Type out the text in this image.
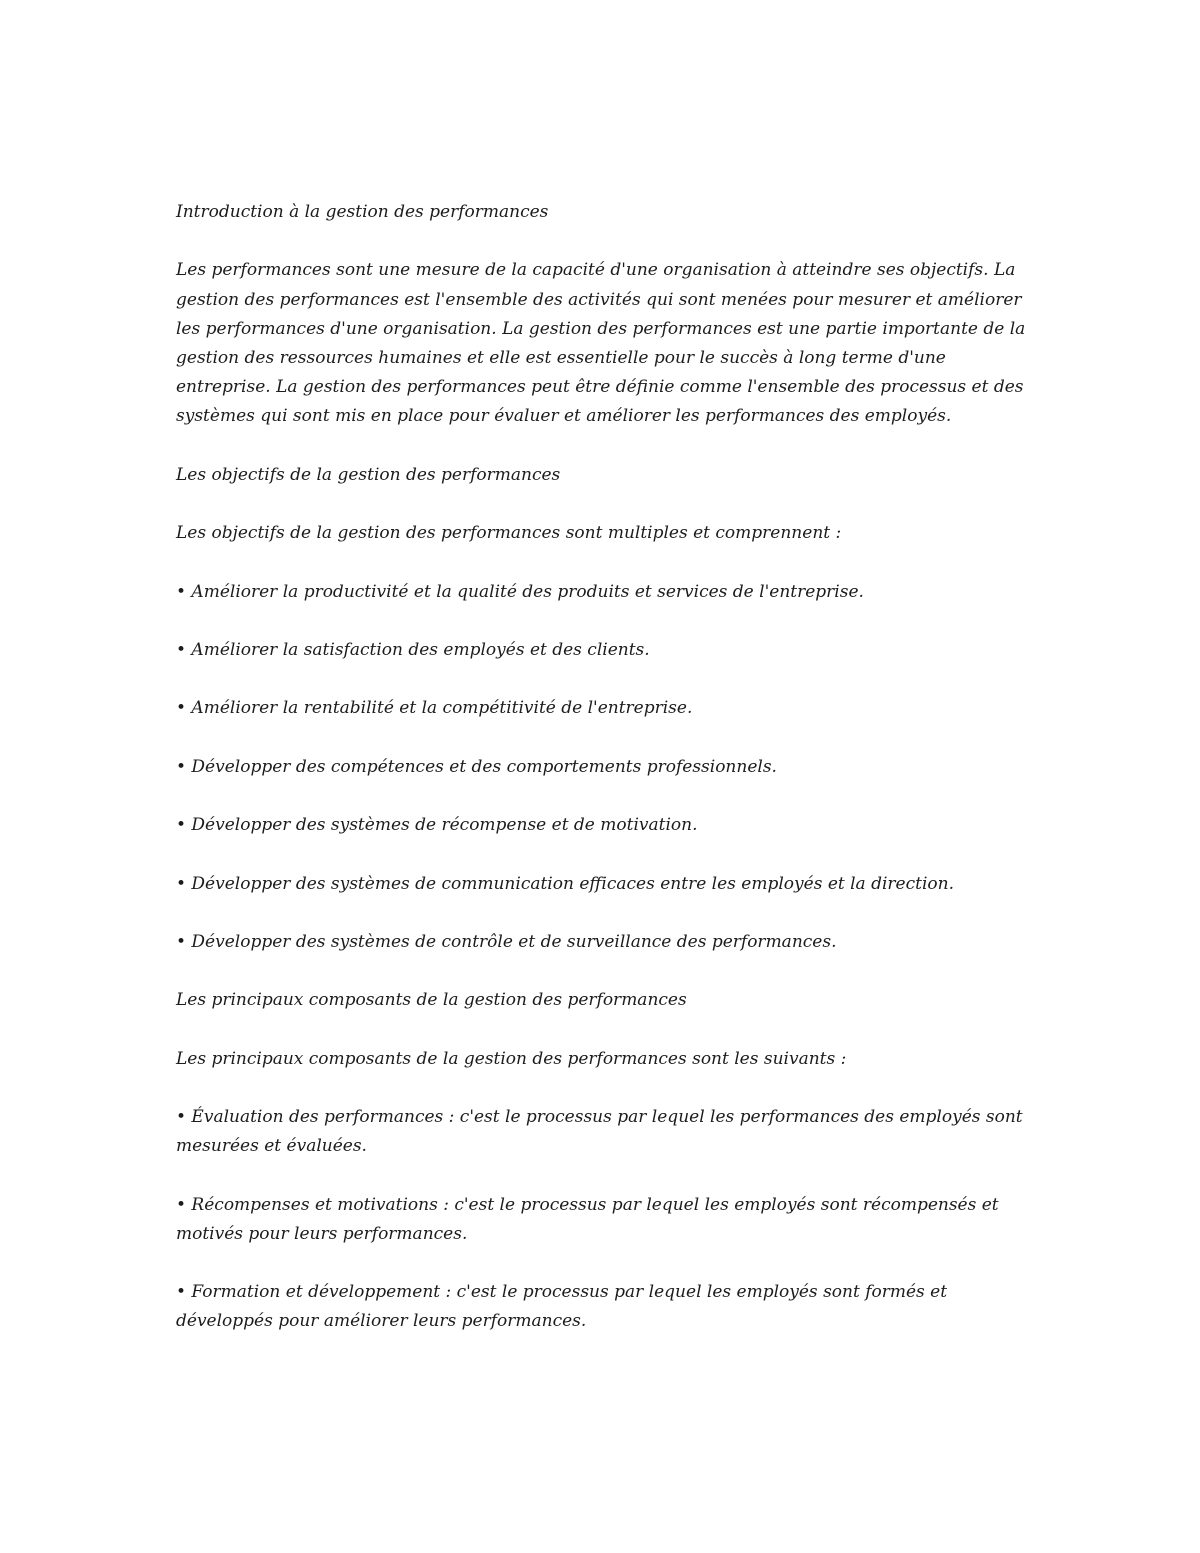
Introduction à la gestion des performances

Les performances sont une mesure de la capacité d'une organisation à atteindre ses objectifs. La gestion des performances est l'ensemble des activités qui sont menées pour mesurer et améliorer les performances d'une organisation. La gestion des performances est une partie importante de la gestion des ressources humaines et elle est essentielle pour le succès à long terme d'une entreprise. La gestion des performances peut être définie comme l'ensemble des processus et des systèmes qui sont mis en place pour évaluer et améliorer les performances des employés.

Les objectifs de la gestion des performances

Les objectifs de la gestion des performances sont multiples et comprennent :

• Améliorer la productivité et la qualité des produits et services de l'entreprise.

• Améliorer la satisfaction des employés et des clients.

• Améliorer la rentabilité et la compétitivité de l'entreprise.

• Développer des compétences et des comportements professionnels.

• Développer des systèmes de récompense et de motivation.

• Développer des systèmes de communication efficaces entre les employés et la direction.

• Développer des systèmes de contrôle et de surveillance des performances.

Les principaux composants de la gestion des performances

Les principaux composants de la gestion des performances sont les suivants :

• Évaluation des performances : c'est le processus par lequel les performances des employés sont mesurées et évaluées.

• Récompenses et motivations : c'est le processus par lequel les employés sont récompensés et motivés pour leurs performances.

• Formation et développement : c'est le processus par lequel les employés sont formés et développés pour améliorer leurs performances.
